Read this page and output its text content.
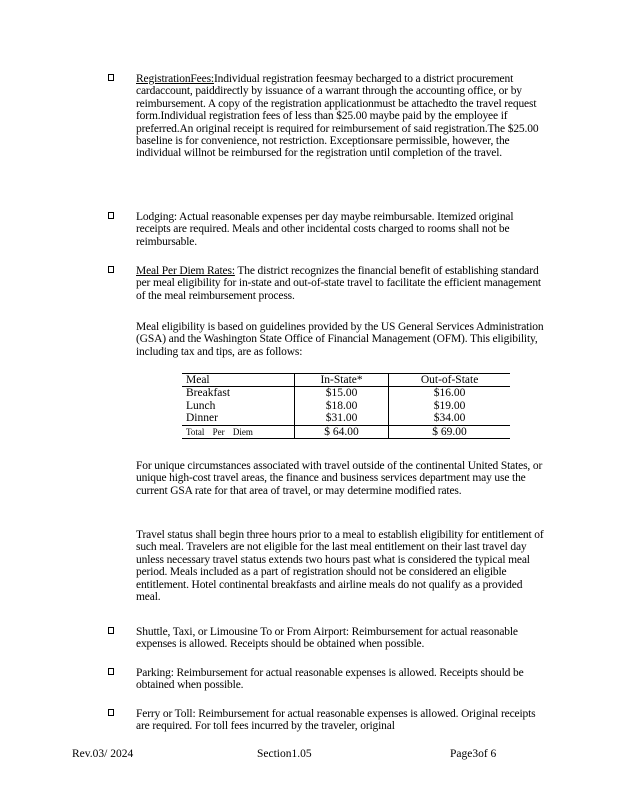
RegistrationFees:Individual registration feesmay becharged to a district procurement cardaccount, paiddirectly by issuance of a warrant through the accounting office, or by reimbursement. A copy of the registration applicationmust be attachedto the travel request form.Individual registration fees of less than $25.00 maybe paid by the employee if preferred.An original receipt is required for reimbursement of said registration.The $25.00 baseline is for convenience, not restriction. Exceptionsare permissible, however, the individual willnot be reimbursed for the registration until completion of the travel.
Lodging: Actual reasonable expenses per day maybe reimbursable. Itemized original receipts are required. Meals and other incidental costs charged to rooms shall not be reimbursable.
Meal Per Diem Rates: The district recognizes the financial benefit of establishing standard per meal eligibility for in-state and out-of-state travel to facilitate the efficient management of the meal reimbursement process.
Meal eligibility is based on guidelines provided by the US General Services Administration (GSA) and the Washington State Office of Financial Management (OFM). This eligibility, including tax and tips, are as follows:
Meal	In-State*	Out-of-State
Breakfast	$15.00	$16.00
Lunch	$18.00	$19.00
Dinner	$31.00	$34.00
Total Per Diem	$ 64.00	$ 69.00
For unique circumstances associated with travel outside of the continental United States, or unique high-cost travel areas, the finance and business services department may use the current GSA rate for that area of travel, or may determine modified rates.
Travel status shall begin three hours prior to a meal to establish eligibility for entitlement of such meal. Travelers are not eligible for the last meal entitlement on their last travel day unless necessary travel status extends two hours past what is considered the typical meal period. Meals included as a part of registration should not be considered an eligible entitlement. Hotel continental breakfasts and airline meals do not qualify as a provided meal.
Shuttle, Taxi, or Limousine To or From Airport: Reimbursement for actual reasonable expenses is allowed. Receipts should be obtained when possible.
Parking: Reimbursement for actual reasonable expenses is allowed. Receipts should be obtained when possible.
Ferry or Toll: Reimbursement for actual reasonable expenses is allowed. Original receipts are required. For toll fees incurred by the traveler, original
Rev.03/ 2024	Section1.05	Page3of 6
